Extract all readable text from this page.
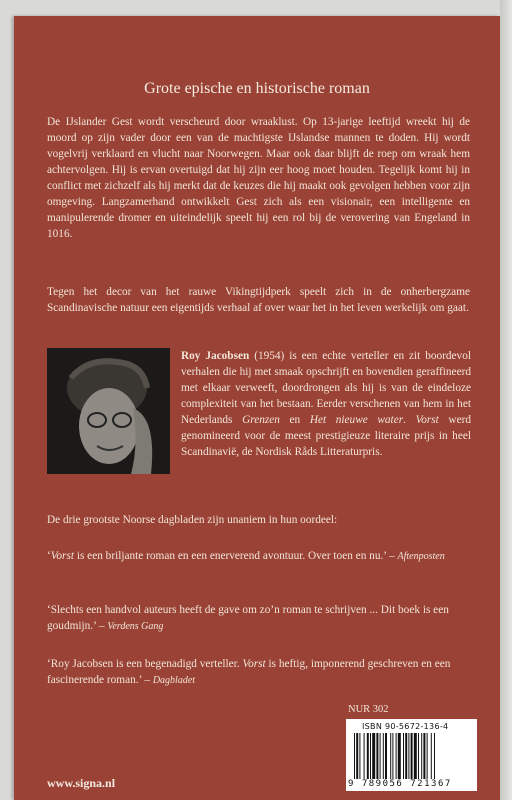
Grote epische en historische roman
De IJslander Gest wordt verscheurd door wraaklust. Op 13-jarige leeftijd wreekt hij de moord op zijn vader door een van de machtigste IJslandse mannen te doden. Hij wordt vogelvrij verklaard en vlucht naar Noorwegen. Maar ook daar blijft de roep om wraak hem achtervolgen. Hij is ervan overtuigd dat hij zijn eer hoog moet houden. Tegelijk komt hij in conflict met zichzelf als hij merkt dat de keuzes die hij maakt ook gevolgen hebben voor zijn omgeving. Langzamerhand ontwikkelt Gest zich als een visionair, een intelligente en manipulerende dromer en uiteindelijk speelt hij een rol bij de verovering van Engeland in 1016.
Tegen het decor van het rauwe Vikingtijdperk speelt zich in de onherbergzame Scandinavische natuur een eigentijds verhaal af over waar het in het leven werkelijk om gaat.
Roy Jacobsen (1954) is een echte verteller en zit boordevol verhalen die hij met smaak opschrijft en bovendien geraffineerd met elkaar verweeft, doordrongen als hij is van de eindeloze complexiteit van het bestaan. Eerder verschenen van hem in het Nederlands Grenzen en Het nieuwe water. Vorst werd genomineerd voor de meest prestigieuze literaire prijs in heel Scandinavië, de Nordisk Råds Litteraturpris.
De drie grootste Noorse dagbladen zijn unaniem in hun oordeel:
‘Vorst is een briljante roman en een enerverend avontuur. Over toen en nu.’ – Aftenposten
‘Slechts een handvol auteurs heeft de gave om zo’n roman te schrijven ... Dit boek is een goudmijn.’ – Verdens Gang
‘Roy Jacobsen is een begenadigd verteller. Vorst is heftig, imponerend geschreven en een fascinerende roman.’ – Dagbladet
NUR 302
ISBN 90-5672-136-4
9 789056 721367
www.signa.nl
